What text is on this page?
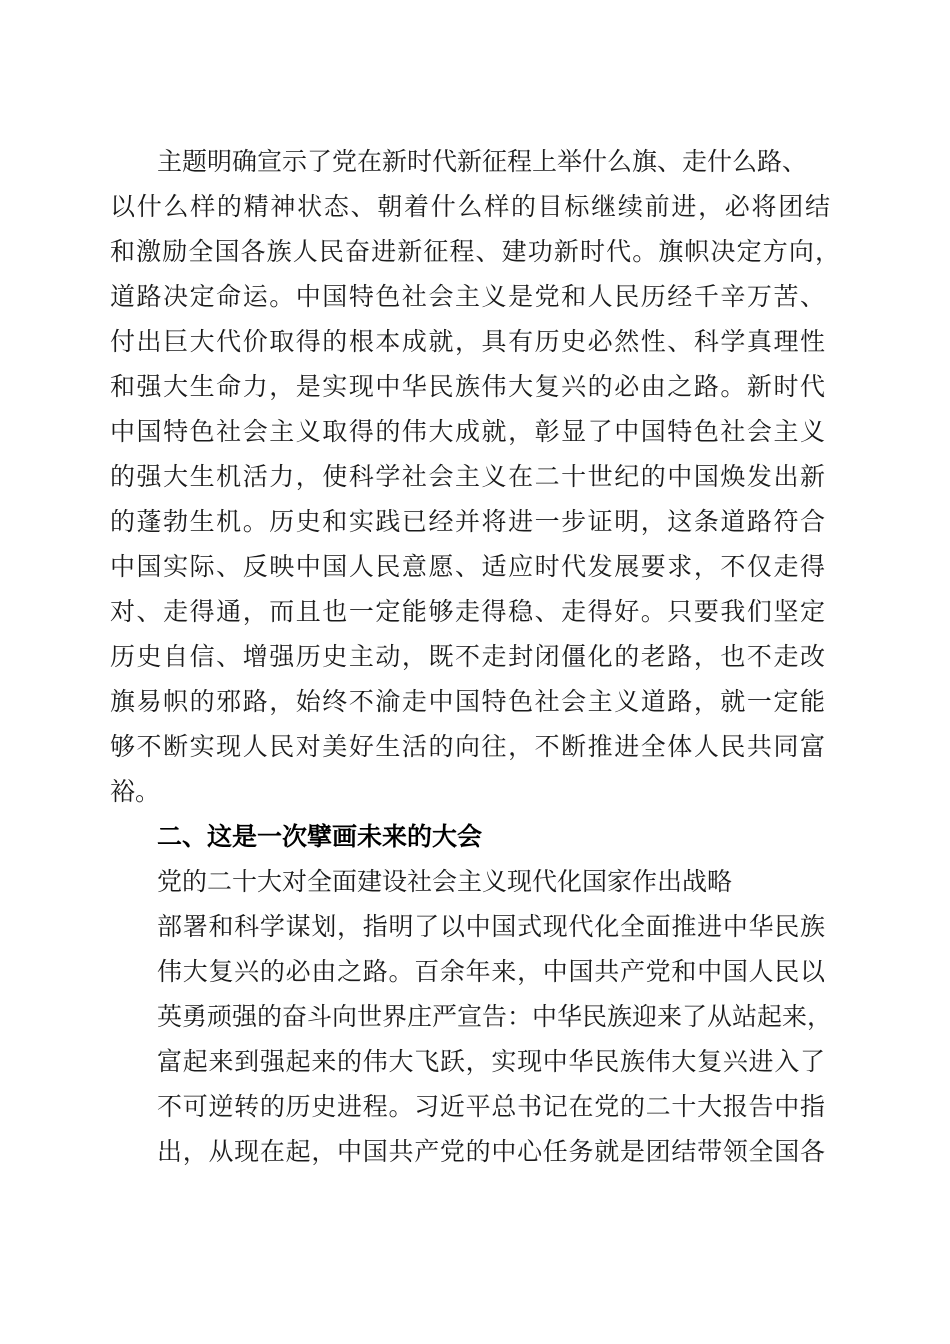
主题明确宣示了党在新时代新征程上举什么旗、走什么路、
以什么样的精神状态、朝着什么样的目标继续前进，必将团结
和激励全国各族人民奋进新征程、建功新时代。旗帜决定方向，
道路决定命运。中国特色社会主义是党和人民历经千辛万苦、
付出巨大代价取得的根本成就，具有历史必然性、科学真理性
和强大生命力，是实现中华民族伟大复兴的必由之路。新时代
中国特色社会主义取得的伟大成就，彰显了中国特色社会主义
的强大生机活力，使科学社会主义在二十世纪的中国焕发出新
的蓬勃生机。历史和实践已经并将进一步证明，这条道路符合
中国实际、反映中国人民意愿、适应时代发展要求，不仅走得
对、走得通，而且也一定能够走得稳、走得好。只要我们坚定
历史自信、增强历史主动，既不走封闭僵化的老路，也不走改
旗易帜的邪路，始终不渝走中国特色社会主义道路，就一定能
够不断实现人民对美好生活的向往，不断推进全体人民共同富
裕。
二、这是一次擘画未来的大会
党的二十大对全面建设社会主义现代化国家作出战略
部署和科学谋划，指明了以中国式现代化全面推进中华民族
伟大复兴的必由之路。百余年来，中国共产党和中国人民以
英勇顽强的奋斗向世界庄严宣告：中华民族迎来了从站起来，
富起来到强起来的伟大飞跃，实现中华民族伟大复兴进入了
不可逆转的历史进程。习近平总书记在党的二十大报告中指
出，从现在起，中国共产党的中心任务就是团结带领全国各
